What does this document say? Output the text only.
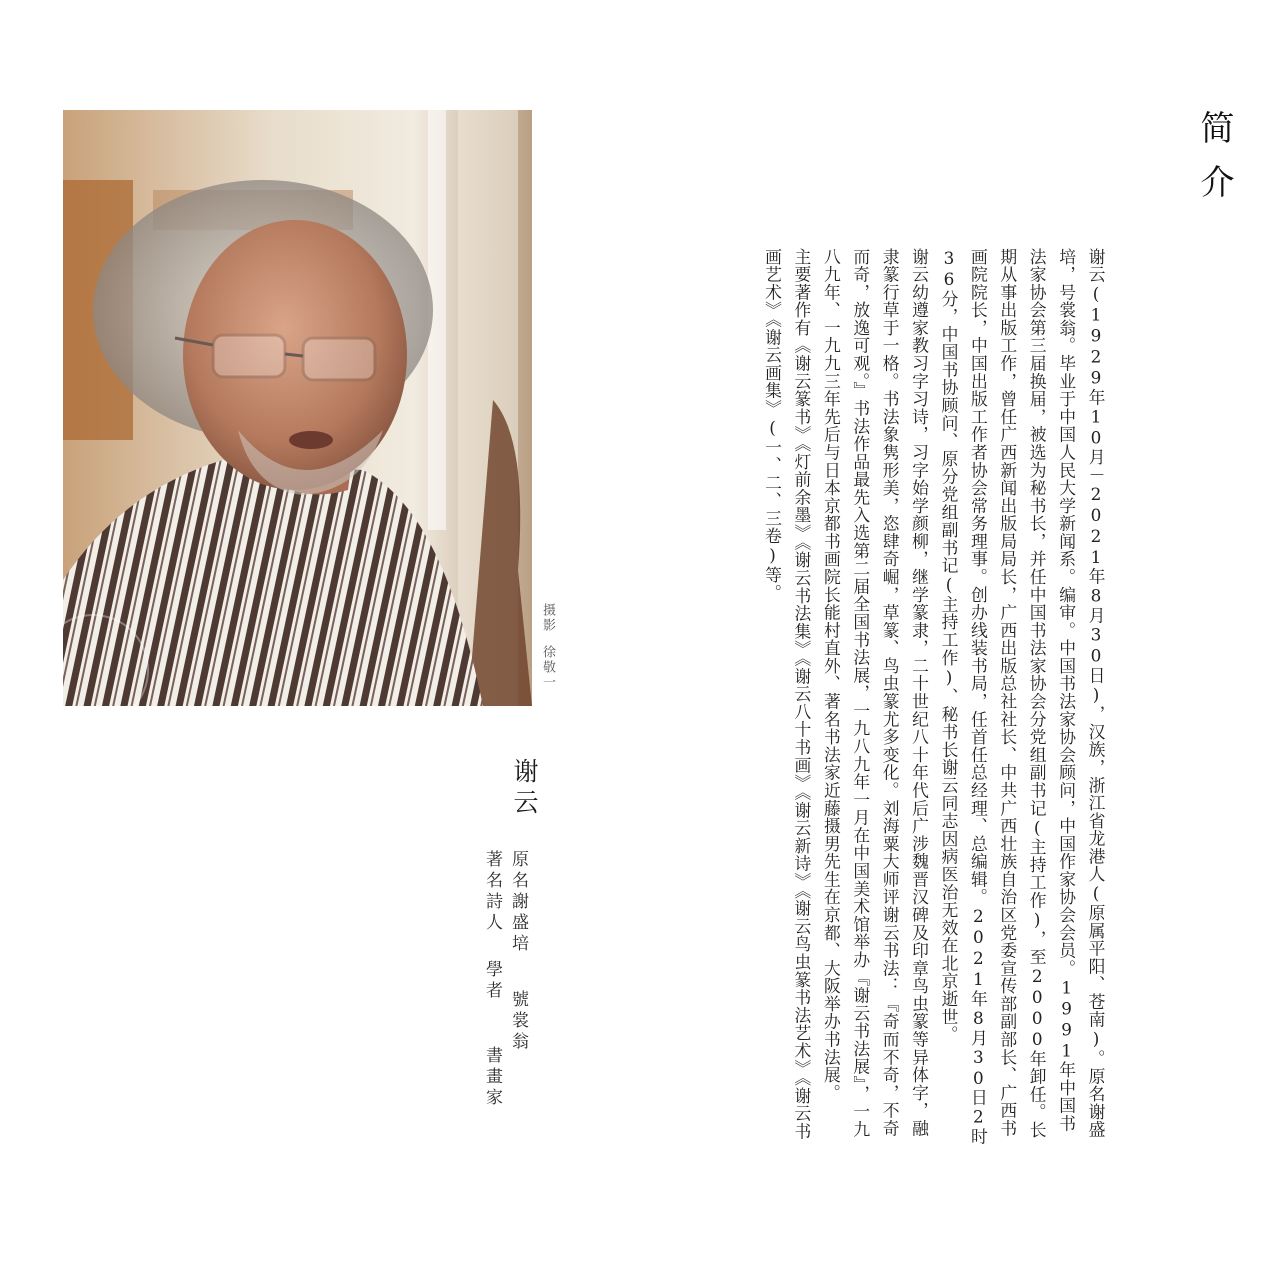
摄影徐敬一
简介

谢云(1929年10月－2021年8月30日)，汉族，浙江省龙港人(原属平阳、苍南)。原名谢盛培，号裳翁。毕业于中国人民大学新闻系。编审。中国书法家协会顾问，中国作家协会会员。1991年中国书法家协会第三届换届，被选为秘书长，并任中国书法家协会分党组副书记(主持工作)，至2000年卸任。长期从事出版工作，曾任广西新闻出版局局长，广西出版总社社长、中共广西壮族自治区党委宣传部副部长、广西书画院院长，中国出版工作者协会常务理事。创办线装书局，任首任总经理、总编辑。2021年8月30日2时36分，中国书协顾问、原分党组副书记(主持工作)、秘书长谢云同志因病医治无效在北京逝世。

谢云幼遵家教习字习诗，习字始学颜柳，继学篆隶，二十世纪八十年代后广涉魏晋汉碑及印章鸟虫篆等异体字，融隶篆行草于一格。书法象隽形美，恣肆奇崛，草篆、鸟虫篆尤多变化。刘海粟大师评谢云书法：『奇而不奇，不奇而奇，放逸可观。』书法作品最先入选第二届全国书法展，一九八九年一月在中国美术馆举办『谢云书法展』，一九八九年、一九九三年先后与日本京都书画院长能村直外、著名书法家近藤摄男先生在京都、大阪举办书法展。

主要著作有《谢云篆书》《灯前余墨》《谢云书法集》《谢云八十书画》《谢云新诗》《谢云鸟虫篆书法艺术》《谢云书画艺术》《谢云画集》(一、二、三卷)等。

谢云
原名謝盛培
號裳翁
著名詩人
學者
書畫家
